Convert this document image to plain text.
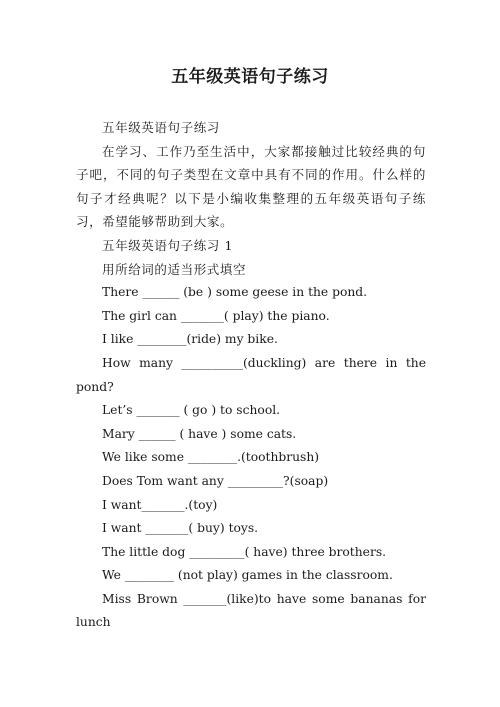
五年级英语句子练习

五年级英语句子练习

在学习、工作乃至生活中，大家都接触过比较经典的句子吧，不同的句子类型在文章中具有不同的作用。什么样的句子才经典呢？以下是小编收集整理的五年级英语句子练习，希望能够帮助到大家。

五年级英语句子练习 1

用所给词的适当形式填空

There ______ (be ) some geese in the pond.

The girl can _______( play) the piano.

I like ________(ride) my bike.

How many __________(duckling) are there in the pond?

Let’s _______ ( go ) to school.

Mary ______ ( have ) some cats.

We like some ________.(toothbrush)

Does Tom want any _________?(soap)

I want_______.(toy)

I want _______( buy) toys.

The little dog _________( have) three brothers.

We ________ (not play) games in the classroom.

Miss Brown _______(like)to have some bananas for lunch
